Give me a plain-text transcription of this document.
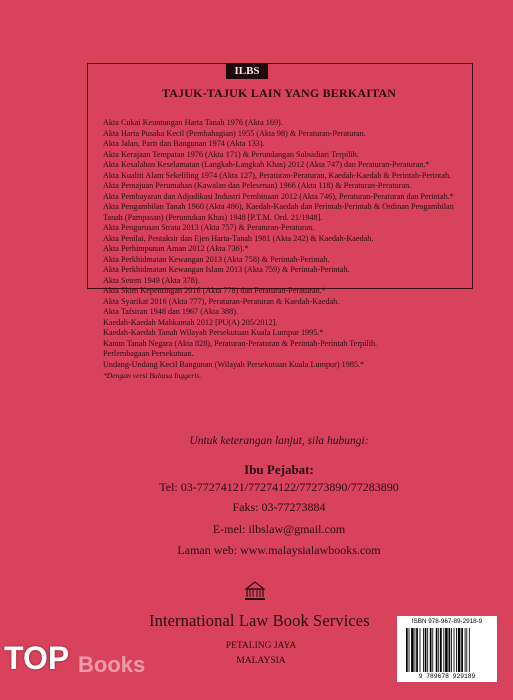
ILBS
TAJUK-TAJUK LAIN YANG BERKAITAN

Akta Cukai Keuntungan Harta Tanah 1976 (Akta 169).

Akta Harta Pusaka Kecil (Pembahagian) 1955 (Akta 98) & Peraturan-Peraturan.

Akta Jalan, Parit dan Bangunan 1974 (Akta 133).

Akta Kerajaan Tempatan 1976 (Akta 171) & Perundangan Subsidiari Terpilih.

Akta Kesalahan Keselamatan (Langkah-Langkah Khas) 2012 (Akta 747) dan Peraturan-Peraturan.*

Akta Kualiti Alam Sekeliling 1974 (Akta 127), Peraturan-Peraturan, Kaedah-Kaedah & Perintah-Perintah.

Akta Pemajuan Perumahan (Kawalan dan Pelesenan) 1966 (Akta 118) & Peraturan-Peraturan.

Akta Pembayaran dan Adjudikasi Industri Pembinaan 2012 (Akta 746), Peraturan-Peraturan dan Perintah.*

Akta Pengambilan Tanah 1960 (Akta 486), Kaedah-Kaedah dan Perintah-Perintah & Ordinan Pengambilan Tanah (Pampasan) (Peruntukan Khas) 1948 [P.T.M. Ord. 21/1948].

Akta Pengurusan Strata 2013 (Akta 757) & Peraturan-Peraturan.

Akta Penilai, Pentaksir dan Ejen Harta-Tanah 1981 (Akta 242) & Kaedah-Kaedah.

Akta Perhimpunan Aman 2012 (Akta 736).*

Akta Perkhidmatan Kewangan 2013 (Akta 758) & Perintah-Perintah.

Akta Perkhidmatan Kewangan Islam 2013 (Akta 759) & Perintah-Perintah.

Akta Setem 1949 (Akta 378).

Akta Skim Kepentingan 2016 (Akta 778) dan Peraturan-Peraturan.*

Akta Syarikat 2016 (Akta 777), Peraturan-Peraturan & Kaedah-Kaedah.

Akta Tafsiran 1948 dan 1967 (Akta 388).

Kaedah-Kaedah Mahkamah 2012 [PU(A) 205/2012].

Kaedah-Kaedah Tanah Wilayah Persekutuan Kuala Lumpur 1995.*

Kanun Tanah Negara (Akta 828), Peraturan-Peraturan & Perintah-Perintah Terpilih.

Perlembagaan Persekutuan.

Undang-Undang Kecil Bangunan (Wilayah Persekutuan Kuala Lumpur) 1985.*

*Dengan versi Bahasa Inggeris.

Untuk keterangan lanjut, sila hubungi:
Ibu Pejabat:
Tel: 03-77274121/77274122/77273890/77283890
Faks: 03-77273884
E-mel: ilbslaw@gmail.com
Laman web: www.malaysialawbooks.com
International Law Book Services
PETALING JAYA
MALAYSIA
ISBN 978-967-89-2918-9
9 789678 929189
TOP Books
